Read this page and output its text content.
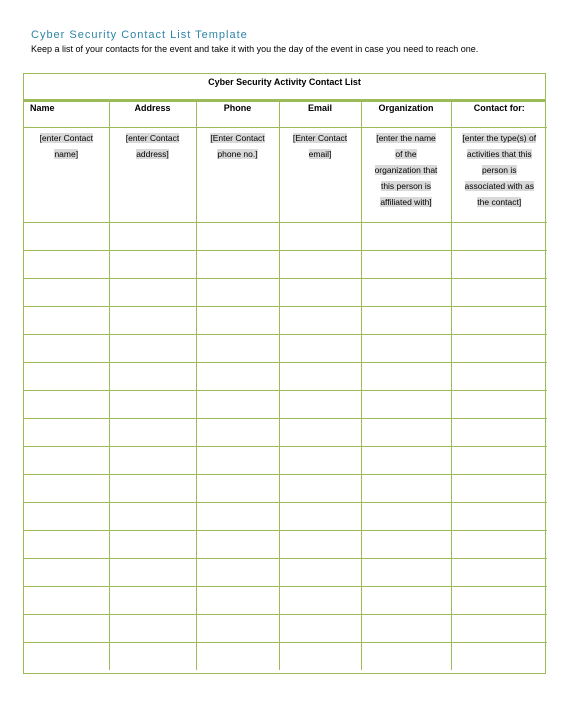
Cyber Security Contact List Template
Keep a list of your contacts for the event and take it with you the day of the event in case you need to reach one.
Cyber Security Activity Contact List
Name	Address	Phone	Email	Organization	Contact for:

[enter Contact
name]	[enter Contact
address]	[Enter Contact
phone no.]	[Enter Contact
email]	[enter the name
of the
organization that
this person is
affiliated with]	[enter the type(s) of
activities that this
person is
associated with as
the contact]
